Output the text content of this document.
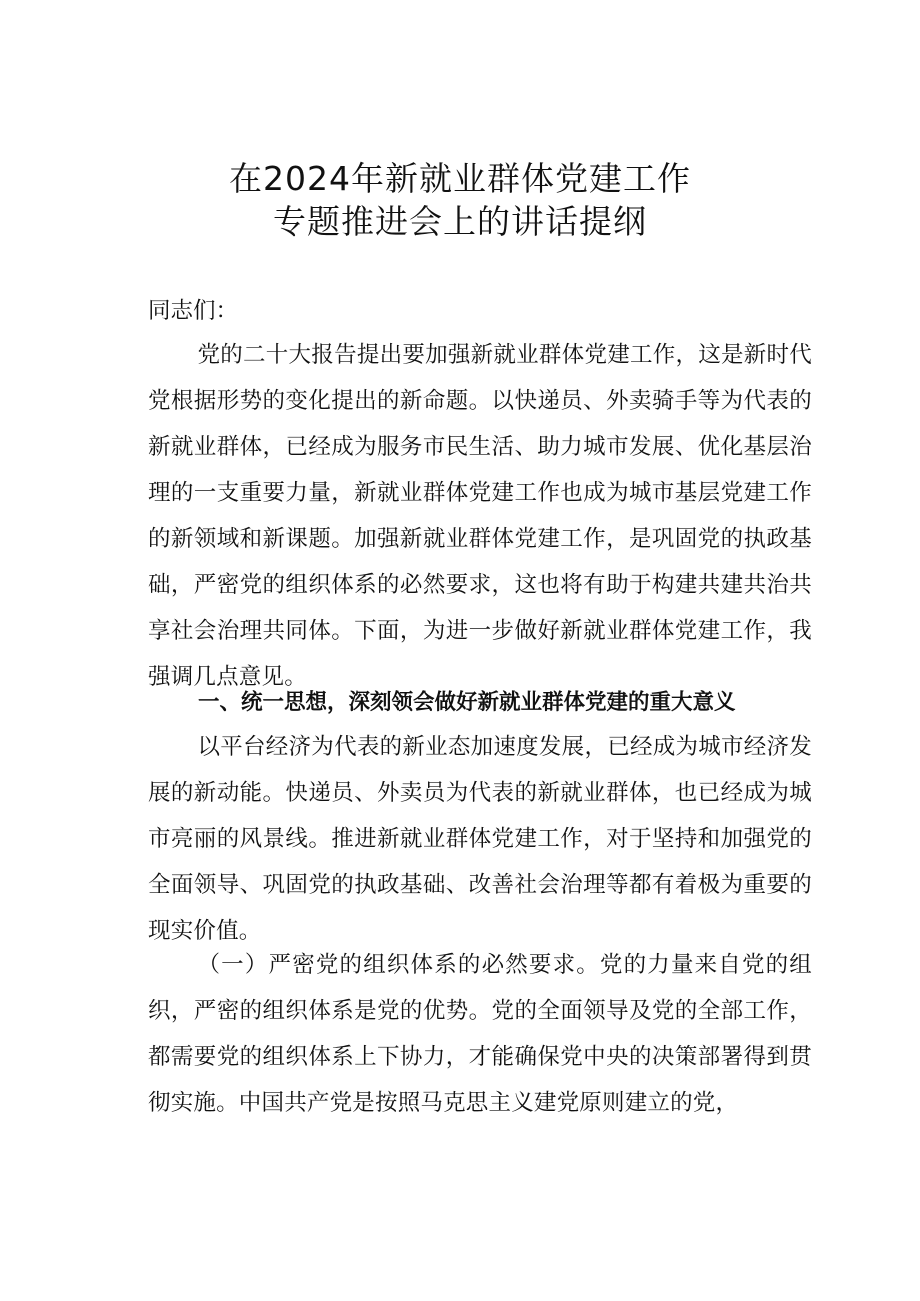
在2024年新就业群体党建工作
专题推进会上的讲话提纲

同志们：

党的二十大报告提出要加强新就业群体党建工作，这是新时代党根据形势的变化提出的新命题。以快递员、外卖骑手等为代表的新就业群体，已经成为服务市民生活、助力城市发展、优化基层治理的一支重要力量，新就业群体党建工作也成为城市基层党建工作的新领域和新课题。加强新就业群体党建工作，是巩固党的执政基础，严密党的组织体系的必然要求，这也将有助于构建共建共治共享社会治理共同体。下面，为进一步做好新就业群体党建工作，我强调几点意见。

一、统一思想，深刻领会做好新就业群体党建的重大意义

以平台经济为代表的新业态加速度发展，已经成为城市经济发展的新动能。快递员、外卖员为代表的新就业群体，也已经成为城市亮丽的风景线。推进新就业群体党建工作，对于坚持和加强党的全面领导、巩固党的执政基础、改善社会治理等都有着极为重要的现实价值。

（一）严密党的组织体系的必然要求。党的力量来自党的组织，严密的组织体系是党的优势。党的全面领导及党的全部工作，都需要党的组织体系上下协力，才能确保党中央的决策部署得到贯彻实施。中国共产党是按照马克思主义建党原则建立的党，
